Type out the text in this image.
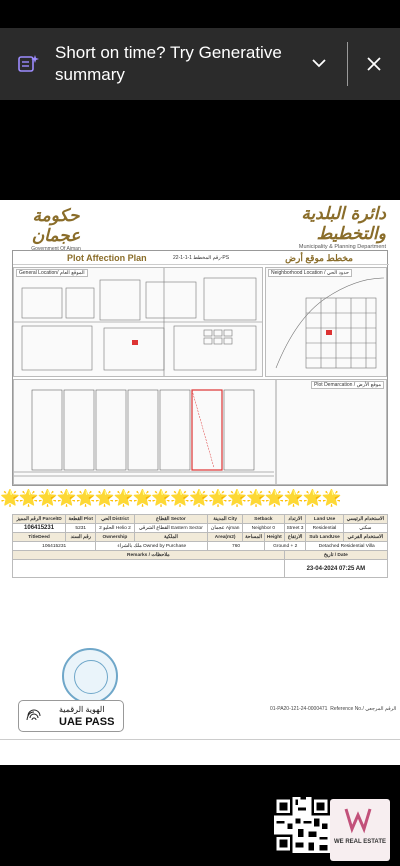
Short on time? Try Generative summary
حكومة عجمان
Government Of Ajman
دائرة البلدية والتخطيط
Municipality & Planning Department
Plot Affection Plan	رقم المخطط 1-1-1-22-PS	مخطط موقع أرض
General Location/ الموقع العام	Neighborhood Location / حدود الحي
Plot Demarcation / موقع الأرض
🌟🌟🌟🌟🌟🌟🌟🌟🌟🌟🌟🌟🌟🌟🌟🌟🌟🌟
الرقم المميز ParcelID	القطعة Plot	الحي District	القطاع Sector	المدينة City	Setback		الارتداد	Land Use	الاستخدام الرئيسي
106415231	5231	الحليو 2 Helio 2	القطاع الشرقي Eastern Sector	عجمان Ajman	Neighbor 0		Street 3	Residential	سكني
TitleDeed	رقم السند	Ownership	الملكية	Area(m2)	المساحة	Height	الارتفاع	Sub LandUse	الاستخدام الفرعي
106415231		ملك بالشراء Owned by Purchase		760		Ground + 2		Detached Residential Villa	
Remarks / ملاحظات							تاريخ / Date		
							23-04-2024 07:25 AM		
الهوية الرقمية
UAE PASS
01-PA20-121-24-0000471 Reference No./ الرقم المرجعي
WE REAL ESTATE
